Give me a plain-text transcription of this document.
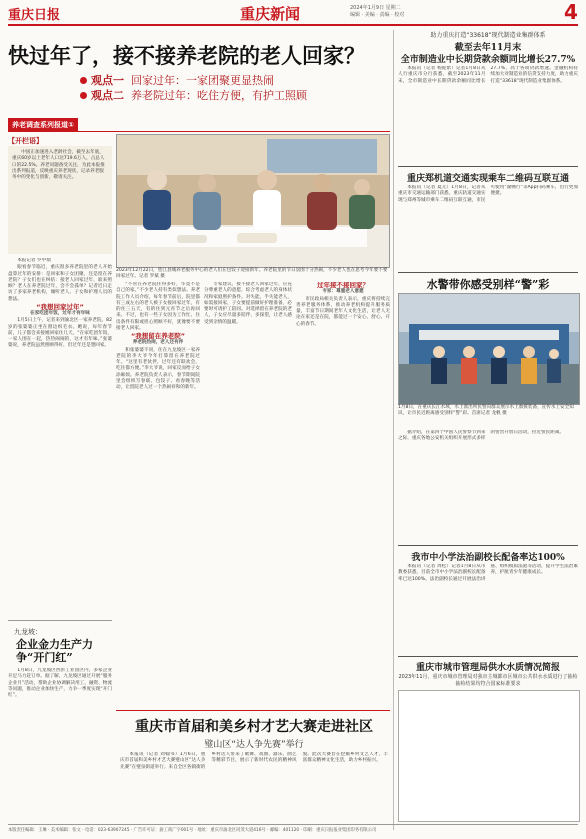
重庆日报	重庆新闻	2024年1月9日 星期二
编辑 · 美编 · 责编 · 校对	4
快过年了，接不接养老院的老人回家？
观点一 回家过年：一家团聚更显热闹
观点二 养老院过年：吃住方便，有护工照顾
养老调查系列报道①
【开栏语】
中国正加速进入老龄社会，截至去年底，重庆60岁以上老年人口达719.6万人，占总人口的22.5%。养老问题备受关注，为此本报推出系列报道，反映重庆养老现状，记录养老服务中的变化与创新，敬请关注。
2023年12月22日，垫江县城养老服务中心的老人们在包饺子迎接新年。养老院里的节日氛围十分热闹，不少老人也在思考今年要不要回家过年。记者 罗斌 摄

本报记者 罗中鼎

眼看春节临近，重庆很多养老院里的老人开始盘算过年的安排：是回家和子女团聚，还是留在养老院？子女们也在纠结：接老人回家过年，谁来照顾？老人在养老院过年，会不会孤单？记者近日走访了多家养老机构，倾听老人、子女和护理人员的想法。

“我想回家过年”

在家吃团年饭，过年才有年味

1月5日上午，记者来到渝北区一家养老院，82岁的张婆婆正坐在窗边织毛衣。她说，每年春节前，儿子都会来接她回家住几天。“在家吃团年饭，一家人围在一起，热热闹闹的，这才有年味。”张婆婆说，养老院虽然照顾得好，但过年还是想回家。

“不管在养老院住得多好，毕竟不是自己的家。”不少老人持有类似想法。养老院工作人员介绍，每年春节前后，院里都有三成左右的老人被子女接回家过年，有的住三五天，有的住到元宵节之后再回来。不过，也有一些子女因为工作忙、住房条件有限或担心照顾不好，犹豫要不要接老人回家。

“我想留在养老院”

养老院热闹，老人还有伴

和张婆婆不同，住在九龙坡区一家养老院的李大爷今年打算留在养老院过年。“这里有老伙伴，过年还有联欢会，吃住都方便。”李大爷说，回家反而给子女添麻烦。养老院负责人表示，春节期间院里会组织写春联、包饺子、看春晚等活动，让留院老人过一个热闹祥和的新年。

专家建议，接不接老人回家过年，应充分尊重老人的意愿，综合考虑老人的身体状况和家庭照护条件。对失能、半失能老人，如需接回家，子女要提前做好护理准备，必要时可请护工陪同。对选择留在养老院的老人，子女应尽量多陪伴、多探望，让老人感受到亲情的温暖。

过年接不接回家？

专家：尊重老人意愿

市民政局相关负责人表示，重庆将持续完善养老服务体系，推动养老机构提升服务质量，丰富节日期间老年人文化生活，让老人无论在家还是在院，都能过一个安心、舒心、开心的春节。

九龙坡：
企业金力生产力争“开门红”

1月8日，九龙坡区西彭工业园区内，多家企业开足马力赶订单。据了解，九龙坡区通过开展“服务企业月”活动，帮助企业协调解决用工、融资、物流等问题，推动企业加快生产，力争一季度实现“开门红”。

重庆市首届和美乡村才艺大赛走进社区
璧山区“达人争先赛”举行

本报讯（记者 刘翰书）1月6日，重庆市首届和美乡村才艺大赛璧山区“达人争先赛”在璧泉街道举行。来自全区各镇街的乡村达人带来了歌舞、戏曲、器乐、曲艺等精彩节目，展示了新时代农民的精神风貌。此次大赛旨在挖掘乡村文艺人才，丰富群众精神文化生活，助力乡村振兴。

助力重庆打造“33618”现代制造业集群体系
截至去年11月末
全市制造业中长期贷款余额同比增长27.7%

本报讯（记者 杨铌紫）记者1月8日从人行重庆市分行获悉，截至2023年11月末，全市制造业中长期贷款余额同比增长27.7%，高于各项贷款增速。金融机构持续加大对制造业的信贷支持力度，助力重庆打造“33618”现代制造业集群体系。

重庆郑机道交通实现乘车二维码互联互通

本报讯（记者 夏元）1月8日，记者从重庆市交通运输部门获悉，重庆轨道交通实现与郑州等城市乘车二维码互联互通，市民可使用“渝畅行”等App扫码乘车，出行更加便捷。

水警带你感受别样“警”彩
1月8日，在重庆长江水域，水上派出所民警向群众展示水上救援装备，宣传水上安全知识，让市民近距离感受别样“警”彩。首席记者 龙帆 摄

据介绍，在第四个中国人民警察节到来之际，重庆各地公安机关组织开展形式多样的警营开放日活动，拉近警民距离。

我市中小学法治副校长配备率达100%

本报讯（记者 周松）记者1月8日从市教委获悉，目前全市中小学法治副校长配备率已达100%。法治副校长通过开展法治讲座、组织模拟法庭等活动，提升学生法治素养，护航青少年健康成长。

重庆市城市管理局供水水质情况简报
2023年11月，重庆市城市管理局对我市主城都市区城市公共供水水质进行了抽检
抽检结果均符合国家标准要求
本版责任编辑：王琳 · 美术编辑：张文 · 电话：023-63907245 · 广告许可证：渝工商广字001号 · 地址：重庆市渝北区同茂大道416号 · 邮编：401120 · 印刷：重庆日报报业集团印务有限公司
